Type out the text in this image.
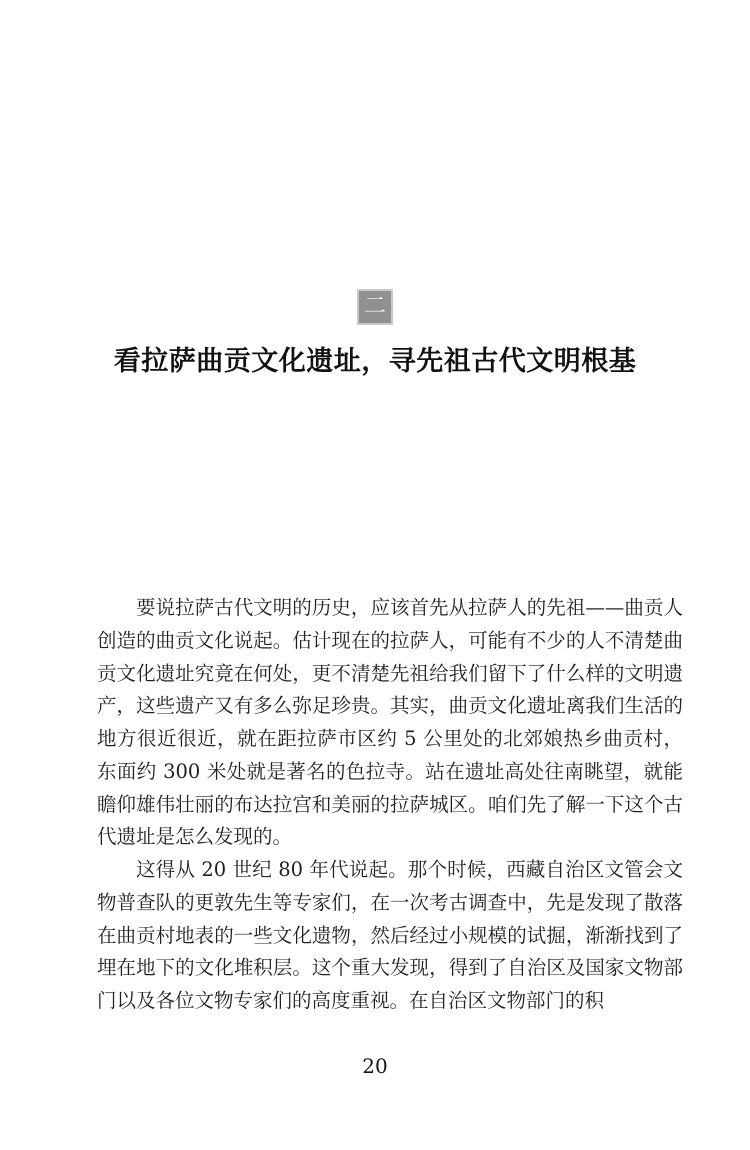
二
看拉萨曲贡文化遗址，寻先祖古代文明根基

要说拉萨古代文明的历史，应该首先从拉萨人的先祖——曲贡人创造的曲贡文化说起。估计现在的拉萨人，可能有不少的人不清楚曲贡文化遗址究竟在何处，更不清楚先祖给我们留下了什么样的文明遗产，这些遗产又有多么弥足珍贵。其实，曲贡文化遗址离我们生活的地方很近很近，就在距拉萨市区约 5 公里处的北郊娘热乡曲贡村，东面约 300 米处就是著名的色拉寺。站在遗址高处往南眺望，就能瞻仰雄伟壮丽的布达拉宫和美丽的拉萨城区。咱们先了解一下这个古代遗址是怎么发现的。

这得从 20 世纪 80 年代说起。那个时候，西藏自治区文管会文物普查队的更敦先生等专家们，在一次考古调查中，先是发现了散落在曲贡村地表的一些文化遗物，然后经过小规模的试掘，渐渐找到了埋在地下的文化堆积层。这个重大发现，得到了自治区及国家文物部门以及各位文物专家们的高度重视。在自治区文物部门的积

20
